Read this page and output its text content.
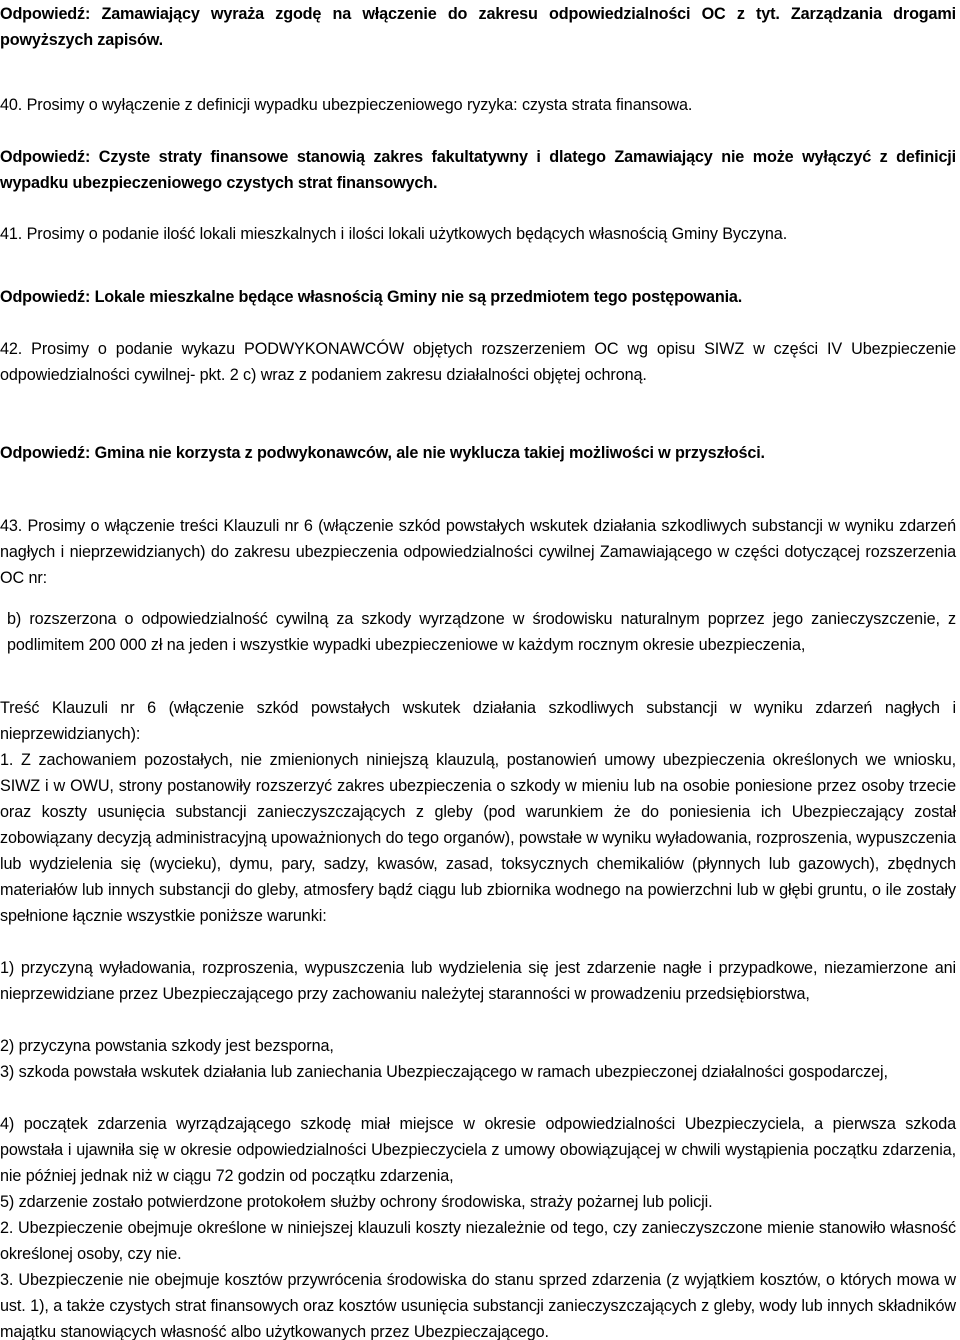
Odpowiedź: Zamawiający wyraża zgodę na włączenie do zakresu odpowiedzialności OC z tyt. Zarządzania drogami powyższych zapisów.

40. Prosimy o wyłączenie z definicji wypadku ubezpieczeniowego ryzyka: czysta strata finansowa.

Odpowiedź: Czyste straty finansowe stanowią zakres fakultatywny i dlatego Zamawiający nie może wyłączyć z definicji wypadku ubezpieczeniowego czystych strat finansowych.

41. Prosimy o podanie ilość lokali mieszkalnych i ilości lokali użytkowych będących własnością Gminy Byczyna.

Odpowiedź: Lokale mieszkalne będące własnością Gminy nie są przedmiotem tego postępowania.

42. Prosimy o podanie wykazu PODWYKONAWCÓW objętych rozszerzeniem OC wg opisu SIWZ w części IV Ubezpieczenie odpowiedzialności cywilnej- pkt. 2 c) wraz z podaniem zakresu działalności objętej ochroną.

Odpowiedź: Gmina nie korzysta z podwykonawców, ale nie wyklucza takiej możliwości w przyszłości.

43. Prosimy o włączenie treści Klauzuli nr 6 (włączenie szkód powstałych wskutek działania szkodliwych substancji w wyniku zdarzeń nagłych i nieprzewidzianych) do zakresu ubezpieczenia odpowiedzialności cywilnej Zamawiającego w części dotyczącej rozszerzenia OC nr:

b) rozszerzona o odpowiedzialność cywilną za szkody wyrządzone w środowisku naturalnym poprzez jego zanieczyszczenie, z podlimitem 200 000 zł na jeden i wszystkie wypadki ubezpieczeniowe w każdym rocznym okresie ubezpieczenia,

Treść Klauzuli nr 6 (włączenie szkód powstałych wskutek działania szkodliwych substancji w wyniku zdarzeń nagłych i nieprzewidzianych):

1. Z zachowaniem pozostałych, nie zmienionych niniejszą klauzulą, postanowień umowy ubezpieczenia określonych we wniosku, SIWZ i w OWU, strony postanowiły rozszerzyć zakres ubezpieczenia o szkody w mieniu lub na osobie poniesione przez osoby trzecie oraz koszty usunięcia substancji zanieczyszczających z gleby (pod warunkiem że do poniesienia ich Ubezpieczający został zobowiązany decyzją administracyjną upoważnionych do tego organów), powstałe w wyniku wyładowania, rozproszenia, wypuszczenia lub wydzielenia się (wycieku), dymu, pary, sadzy, kwasów, zasad, toksycznych chemikaliów (płynnych lub gazowych), zbędnych materiałów lub innych substancji do gleby, atmosfery bądź ciągu lub zbiornika wodnego na powierzchni lub w głębi gruntu, o ile zostały spełnione łącznie wszystkie poniższe warunki:

1) przyczyną wyładowania, rozproszenia, wypuszczenia lub wydzielenia się jest zdarzenie nagłe i przypadkowe, niezamierzone ani nieprzewidziane przez Ubezpieczającego przy zachowaniu należytej staranności w prowadzeniu przedsiębiorstwa,

2) przyczyna powstania szkody jest bezsporna,

3) szkoda powstała wskutek działania lub zaniechania Ubezpieczającego w ramach ubezpieczonej działalności gospodarczej,

4) początek zdarzenia wyrządzającego szkodę miał miejsce w okresie odpowiedzialności Ubezpieczyciela, a pierwsza szkoda powstała i ujawniła się w okresie odpowiedzialności Ubezpieczyciela z umowy obowiązującej w chwili wystąpienia początku zdarzenia, nie później jednak niż w ciągu 72 godzin od początku zdarzenia,

5) zdarzenie zostało potwierdzone protokołem służby ochrony środowiska, straży pożarnej lub policji.

2. Ubezpieczenie obejmuje określone w niniejszej klauzuli koszty niezależnie od tego, czy zanieczyszczone mienie stanowiło własność określonej osoby, czy nie.

3. Ubezpieczenie nie obejmuje kosztów przywrócenia środowiska do stanu sprzed zdarzenia (z wyjątkiem kosztów, o których mowa w ust. 1), a także czystych strat finansowych oraz kosztów usunięcia substancji zanieczyszczających z gleby, wody lub innych składników majątku stanowiących własność albo użytkowanych przez Ubezpieczającego.
